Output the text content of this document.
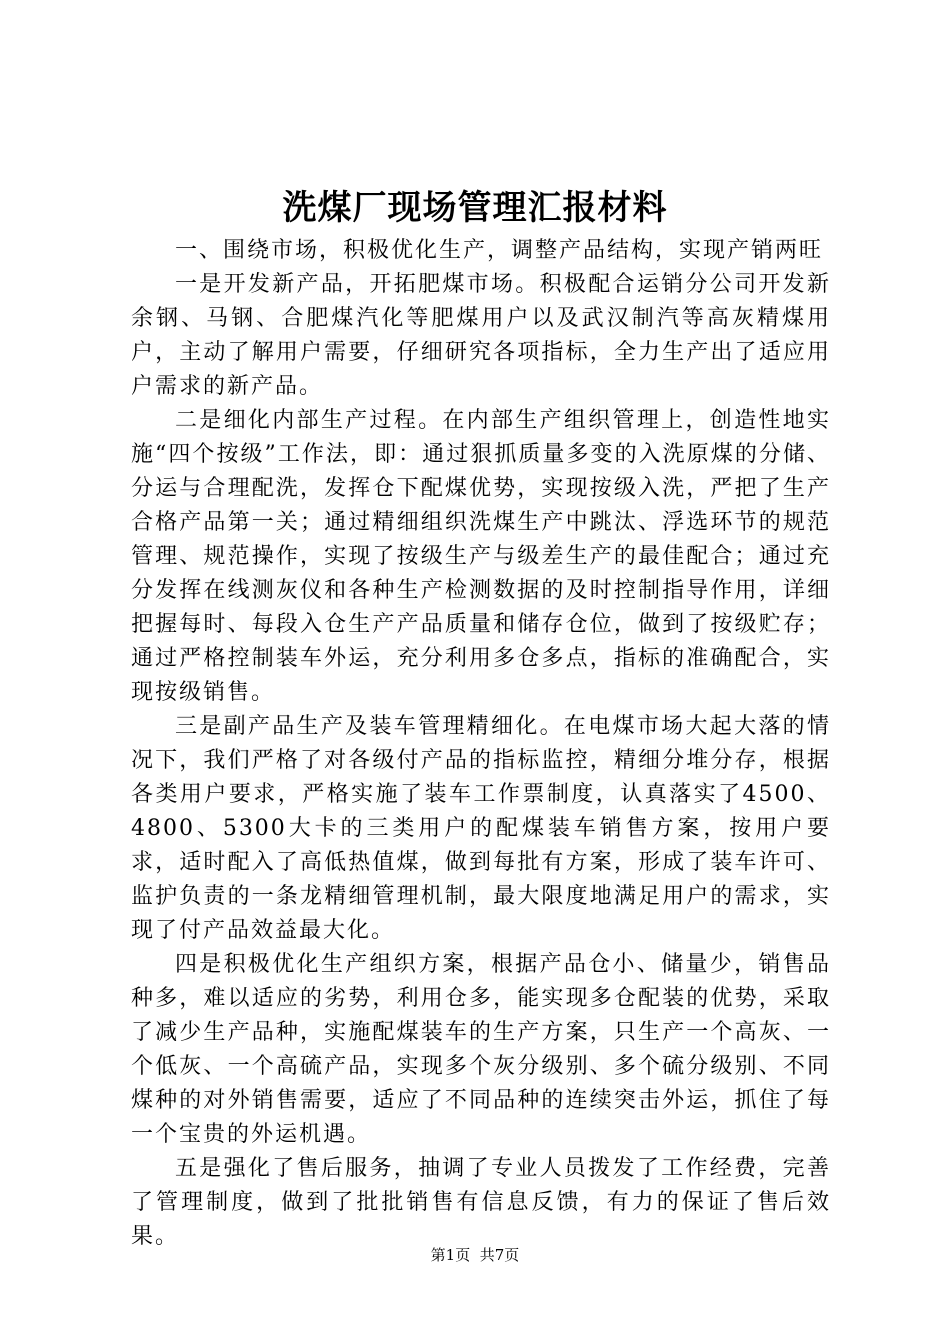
洗煤厂现场管理汇报材料

一、围绕市场，积极优化生产，调整产品结构，实现产销两旺

一是开发新产品，开拓肥煤市场。积极配合运销分公司开发新余钢、马钢、合肥煤汽化等肥煤用户以及武汉制汽等高灰精煤用户，主动了解用户需要，仔细研究各项指标，全力生产出了适应用户需求的新产品。

二是细化内部生产过程。在内部生产组织管理上，创造性地实施“四个按级”工作法，即：通过狠抓质量多变的入洗原煤的分储、分运与合理配洗，发挥仓下配煤优势，实现按级入洗，严把了生产合格产品第一关；通过精细组织洗煤生产中跳汰、浮选环节的规范管理、规范操作，实现了按级生产与级差生产的最佳配合；通过充分发挥在线测灰仪和各种生产检测数据的及时控制指导作用，详细把握每时、每段入仓生产产品质量和储存仓位，做到了按级贮存；通过严格控制装车外运，充分利用多仓多点，指标的准确配合，实现按级销售。

三是副产品生产及装车管理精细化。在电煤市场大起大落的情况下，我们严格了对各级付产品的指标监控，精细分堆分存，根据各类用户要求，严格实施了装车工作票制度，认真落实了4500、4800、5300大卡的三类用户的配煤装车销售方案，按用户要求，适时配入了高低热值煤，做到每批有方案，形成了装车许可、监护负责的一条龙精细管理机制，最大限度地满足用户的需求，实现了付产品效益最大化。

四是积极优化生产组织方案，根据产品仓小、储量少，销售品种多，难以适应的劣势，利用仓多，能实现多仓配装的优势，采取了减少生产品种，实施配煤装车的生产方案，只生产一个高灰、一个低灰、一个高硫产品，实现多个灰分级别、多个硫分级别、不同煤种的对外销售需要，适应了不同品种的连续突击外运，抓住了每一个宝贵的外运机遇。

五是强化了售后服务，抽调了专业人员拨发了工作经费，完善了管理制度，做到了批批销售有信息反馈，有力的保证了售后效果。

第1页 共7页
